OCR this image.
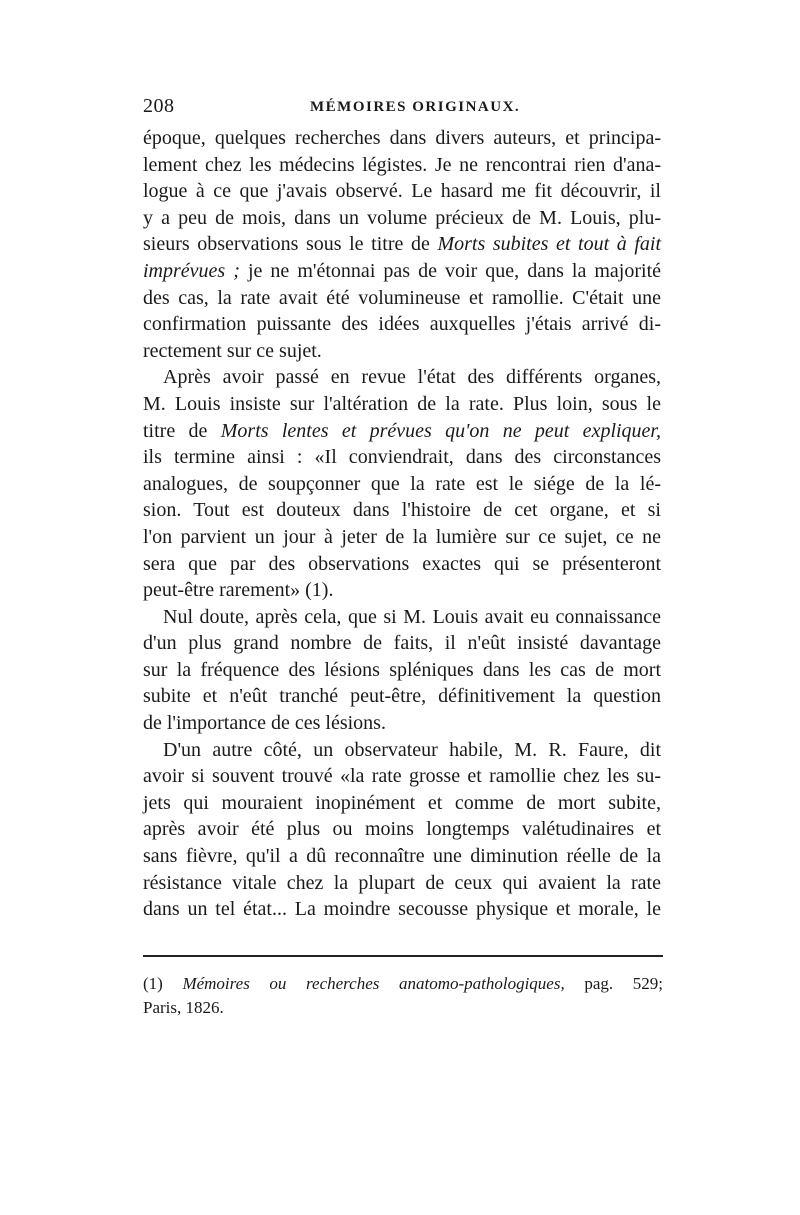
208	MÉMOIRES ORIGINAUX.
époque, quelques recherches dans divers auteurs, et principa-
lement chez les médecins légistes. Je ne rencontrai rien d'ana-
logue à ce que j'avais observé. Le hasard me fit découvrir, il
y a peu de mois, dans un volume précieux de M. Louis, plu-
sieurs observations sous le titre de Morts subites et tout à fait
imprévues ; je ne m'étonnai pas de voir que, dans la majorité
des cas, la rate avait été volumineuse et ramollie. C'était une
confirmation puissante des idées auxquelles j'étais arrivé di-
rectement sur ce sujet.
Après avoir passé en revue l'état des différents organes,
M. Louis insiste sur l'altération de la rate. Plus loin, sous le
titre de Morts lentes et prévues qu'on ne peut expliquer,
ils termine ainsi : «Il conviendrait, dans des circonstances
analogues, de soupçonner que la rate est le siége de la lé-
sion. Tout est douteux dans l'histoire de cet organe, et si
l'on parvient un jour à jeter de la lumière sur ce sujet, ce ne
sera que par des observations exactes qui se présenteront
peut-être rarement» (1).
Nul doute, après cela, que si M. Louis avait eu connaissance
d'un plus grand nombre de faits, il n'eût insisté davantage
sur la fréquence des lésions spléniques dans les cas de mort
subite et n'eût tranché peut-être, définitivement la question
de l'importance de ces lésions.
D'un autre côté, un observateur habile, M. R. Faure, dit
avoir si souvent trouvé «la rate grosse et ramollie chez les su-
jets qui mouraient inopinément et comme de mort subite,
après avoir été plus ou moins longtemps valétudinaires et
sans fièvre, qu'il a dû reconnaître une diminution réelle de la
résistance vitale chez la plupart de ceux qui avaient la rate
dans un tel état... La moindre secousse physique et morale, le
(1) Mémoires ou recherches anatomo-pathologiques, pag. 529;
Paris, 1826.
